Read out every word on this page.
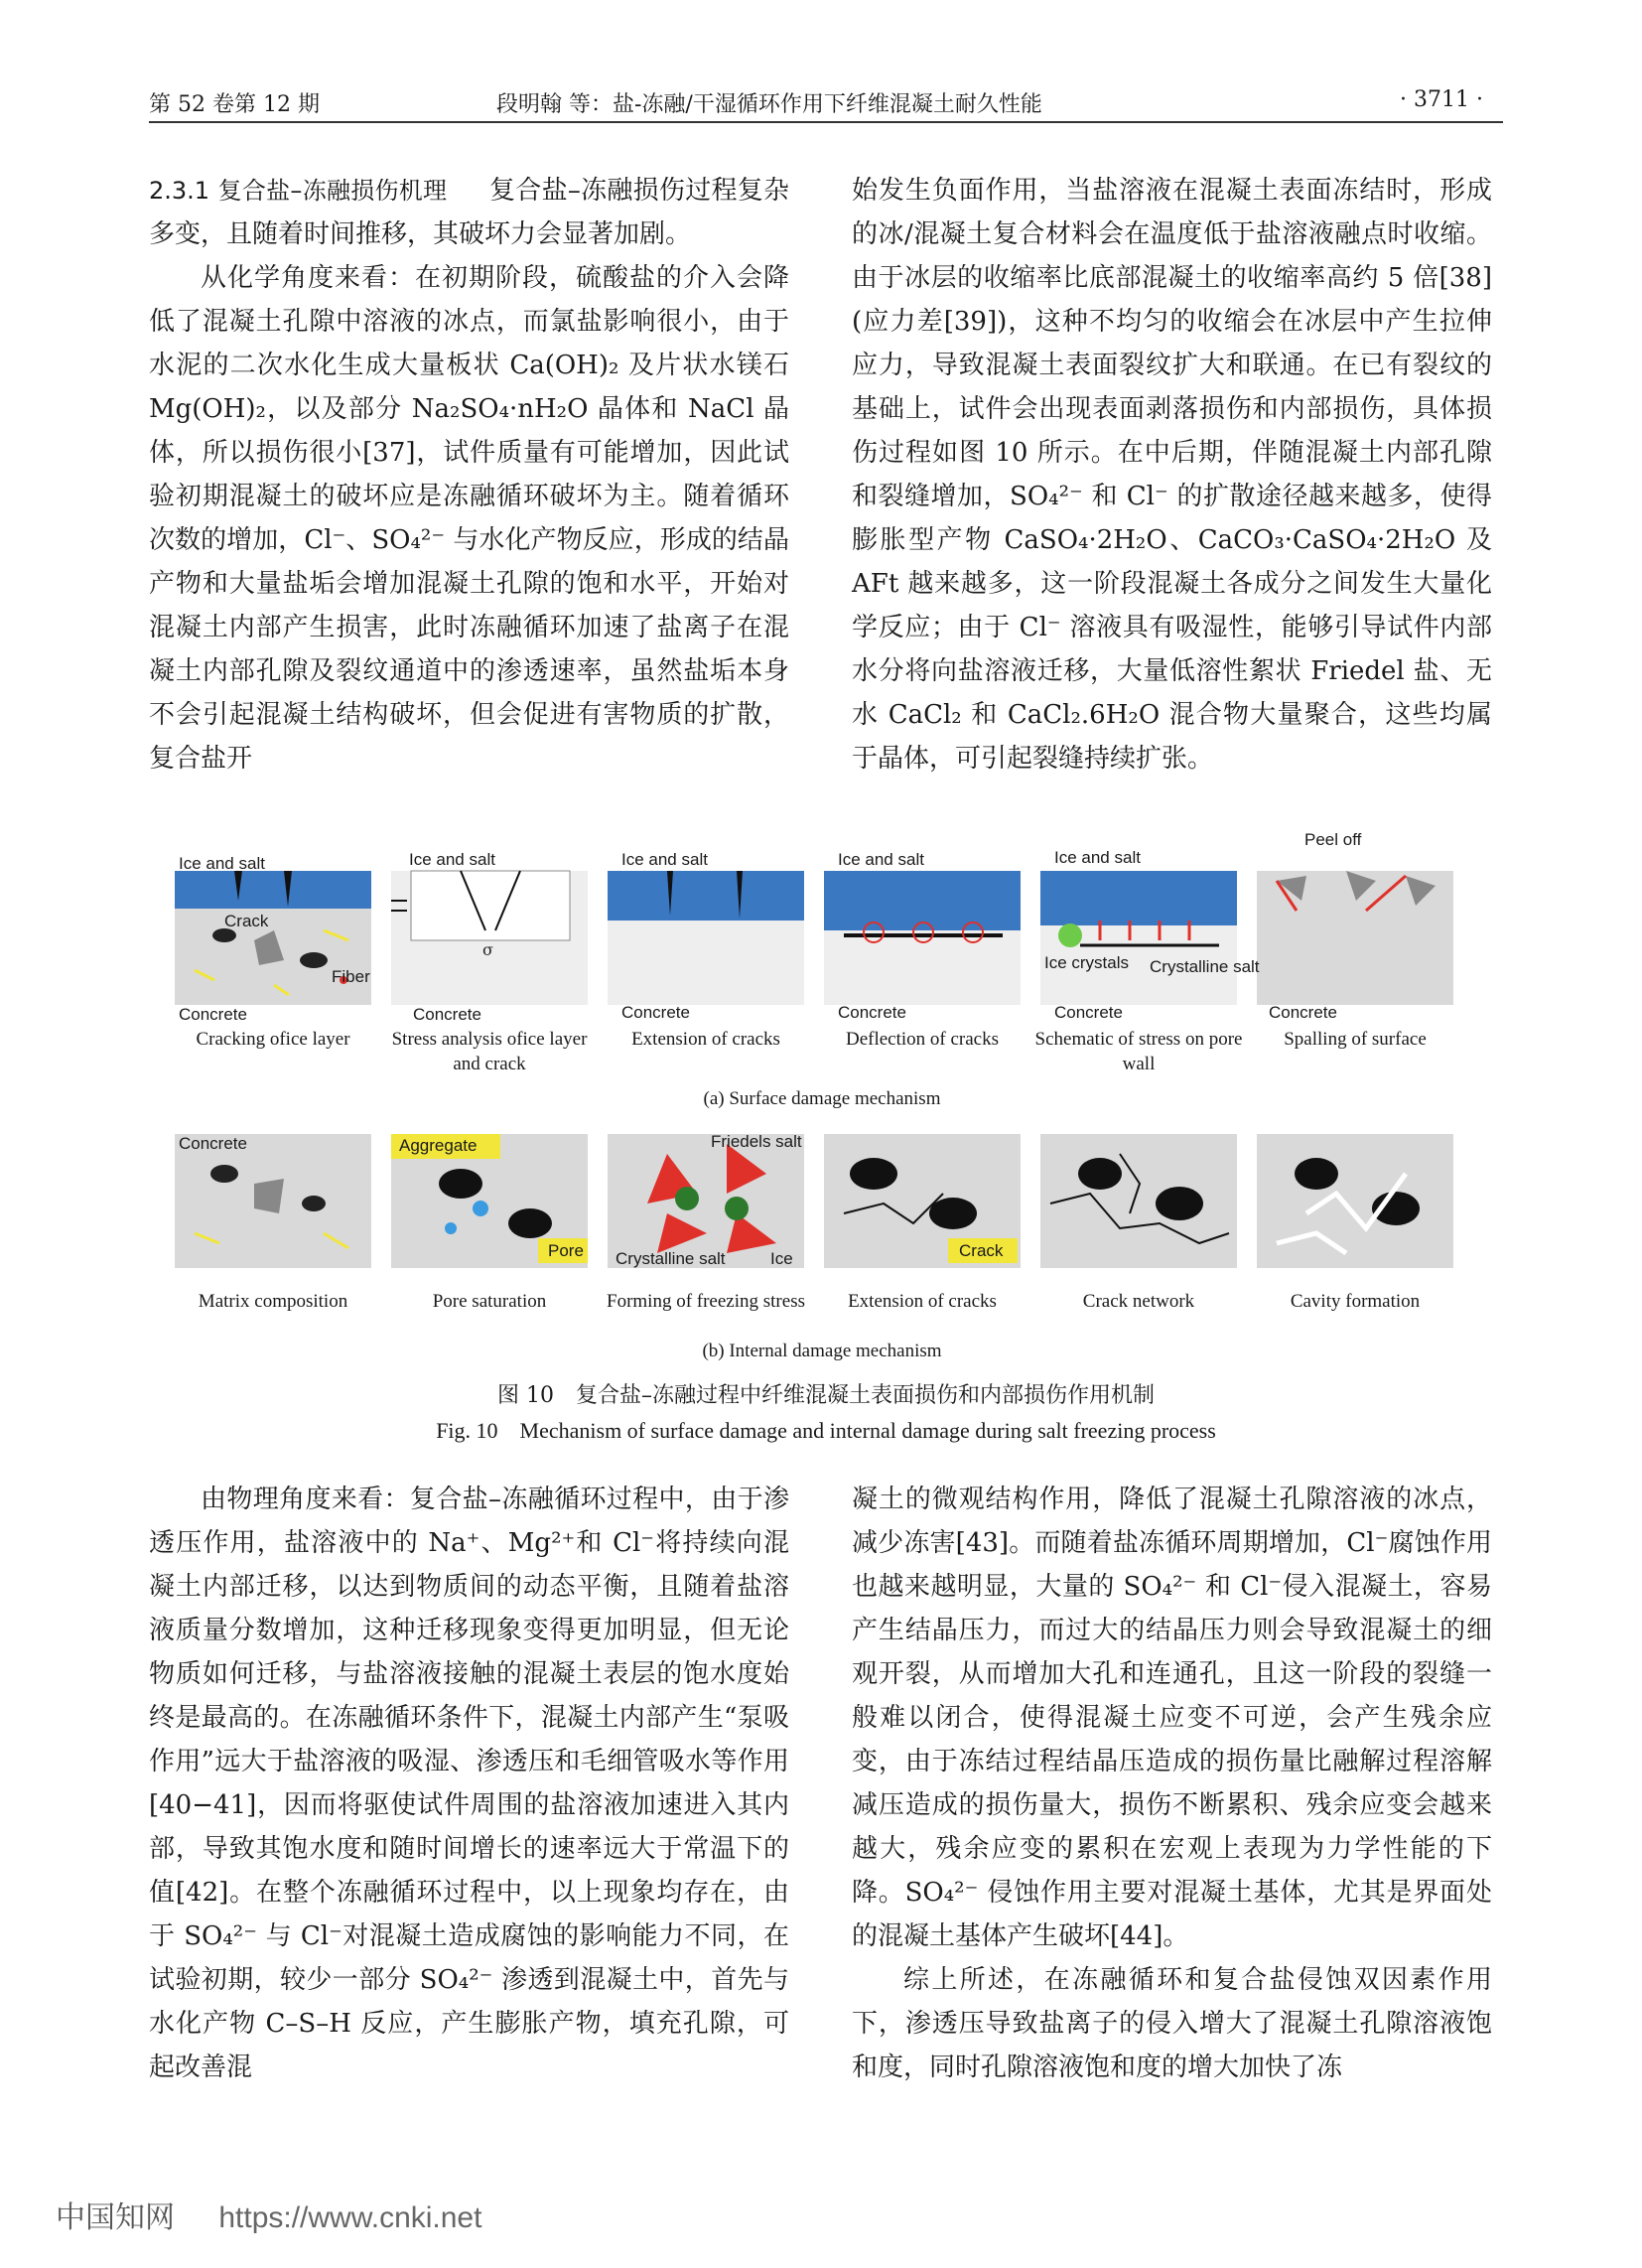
第 52 卷第 12 期	段明翰 等：盐-冻融/干湿循环作用下纤维混凝土耐久性能	· 3711 ·

2.3.1 复合盐–冻融损伤机理 复合盐–冻融损伤过程复杂多变，且随着时间推移，其破坏力会显著加剧。

从化学角度来看：在初期阶段，硫酸盐的介入会降低了混凝土孔隙中溶液的冰点，而氯盐影响很小，由于水泥的二次水化生成大量板状 Ca(OH)₂ 及片状水镁石 Mg(OH)₂，以及部分 Na₂SO₄·nH₂O 晶体和 NaCl 晶体，所以损伤很小[37]，试件质量有可能增加，因此试验初期混凝土的破坏应是冻融循环破坏为主。随着循环次数的增加，Cl⁻、SO₄²⁻ 与水化产物反应，形成的结晶产物和大量盐垢会增加混凝土孔隙的饱和水平，开始对混凝土内部产生损害，此时冻融循环加速了盐离子在混凝土内部孔隙及裂纹通道中的渗透速率，虽然盐垢本身不会引起混凝土结构破坏，但会促进有害物质的扩散，复合盐开

始发生负面作用，当盐溶液在混凝土表面冻结时，形成的冰/混凝土复合材料会在温度低于盐溶液融点时收缩。由于冰层的收缩率比底部混凝土的收缩率高约 5 倍[38](应力差[39])，这种不均匀的收缩会在冰层中产生拉伸应力，导致混凝土表面裂纹扩大和联通。在已有裂纹的基础上，试件会出现表面剥落损伤和内部损伤，具体损伤过程如图 10 所示。在中后期，伴随混凝土内部孔隙和裂缝增加，SO₄²⁻ 和 Cl⁻ 的扩散途径越来越多，使得膨胀型产物 CaSO₄·2H₂O、CaCO₃·CaSO₄·2H₂O 及 AFt 越来越多，这一阶段混凝土各成分之间发生大量化学反应；由于 Cl⁻ 溶液具有吸湿性，能够引导试件内部水分将向盐溶液迁移，大量低溶性絮状 Friedel 盐、无水 CaCl₂ 和 CaCl₂.6H₂O 混合物大量聚合，这些均属于晶体，可引起裂缝持续扩张。

σ
Ice and salt
Crack
Fiber
Concrete
Ice and salt
Concrete
Ice and salt
Concrete
Ice and salt
Concrete
Ice and salt
Ice crystals Crystalline salt
Concrete
Peel off
Concrete
Cracking ofice layer	Stress analysis ofice layer and crack
Extension of cracks	Deflection of cracks	Schematic of stress on pore wall
Spalling of surface
(a) Surface damage mechanism
Concrete	Aggregate
Pore
Friedels salt
Crystalline salt	Ice	Crack
Matrix composition	Pore saturation	Forming of freezing stress	Extension of cracks	Crack network	Cavity formation
(b) Internal damage mechanism
图 10　复合盐–冻融过程中纤维混凝土表面损伤和内部损伤作用机制
Fig. 10　Mechanism of surface damage and internal damage during salt freezing process

由物理角度来看：复合盐–冻融循环过程中，由于渗透压作用，盐溶液中的 Na⁺、Mg²⁺和 Cl⁻将持续向混凝土内部迁移，以达到物质间的动态平衡，且随着盐溶液质量分数增加，这种迁移现象变得更加明显，但无论物质如何迁移，与盐溶液接触的混凝土表层的饱水度始终是最高的。在冻融循环条件下，混凝土内部产生“泵吸作用”远大于盐溶液的吸湿、渗透压和毛细管吸水等作用[40−41]，因而将驱使试件周围的盐溶液加速进入其内部，导致其饱水度和随时间增长的速率远大于常温下的值[42]。在整个冻融循环过程中，以上现象均存在，由于 SO₄²⁻ 与 Cl⁻对混凝土造成腐蚀的影响能力不同，在试验初期，较少一部分 SO₄²⁻ 渗透到混凝土中，首先与水化产物 C–S–H 反应，产生膨胀产物，填充孔隙，可起改善混

凝土的微观结构作用，降低了混凝土孔隙溶液的冰点，减少冻害[43]。而随着盐冻循环周期增加，Cl⁻腐蚀作用也越来越明显，大量的 SO₄²⁻ 和 Cl⁻侵入混凝土，容易产生结晶压力，而过大的结晶压力则会导致混凝土的细观开裂，从而增加大孔和连通孔，且这一阶段的裂缝一般难以闭合，使得混凝土应变不可逆，会产生残余应变，由于冻结过程结晶压造成的损伤量比融解过程溶解减压造成的损伤量大，损伤不断累积、残余应变会越来越大，残余应变的累积在宏观上表现为力学性能的下降。SO₄²⁻ 侵蚀作用主要对混凝土基体，尤其是界面处的混凝土基体产生破坏[44]。

综上所述，在冻融循环和复合盐侵蚀双因素作用下，渗透压导致盐离子的侵入增大了混凝土孔隙溶液饱和度，同时孔隙溶液饱和度的增大加快了冻

中国知网 https://www.cnki.net
